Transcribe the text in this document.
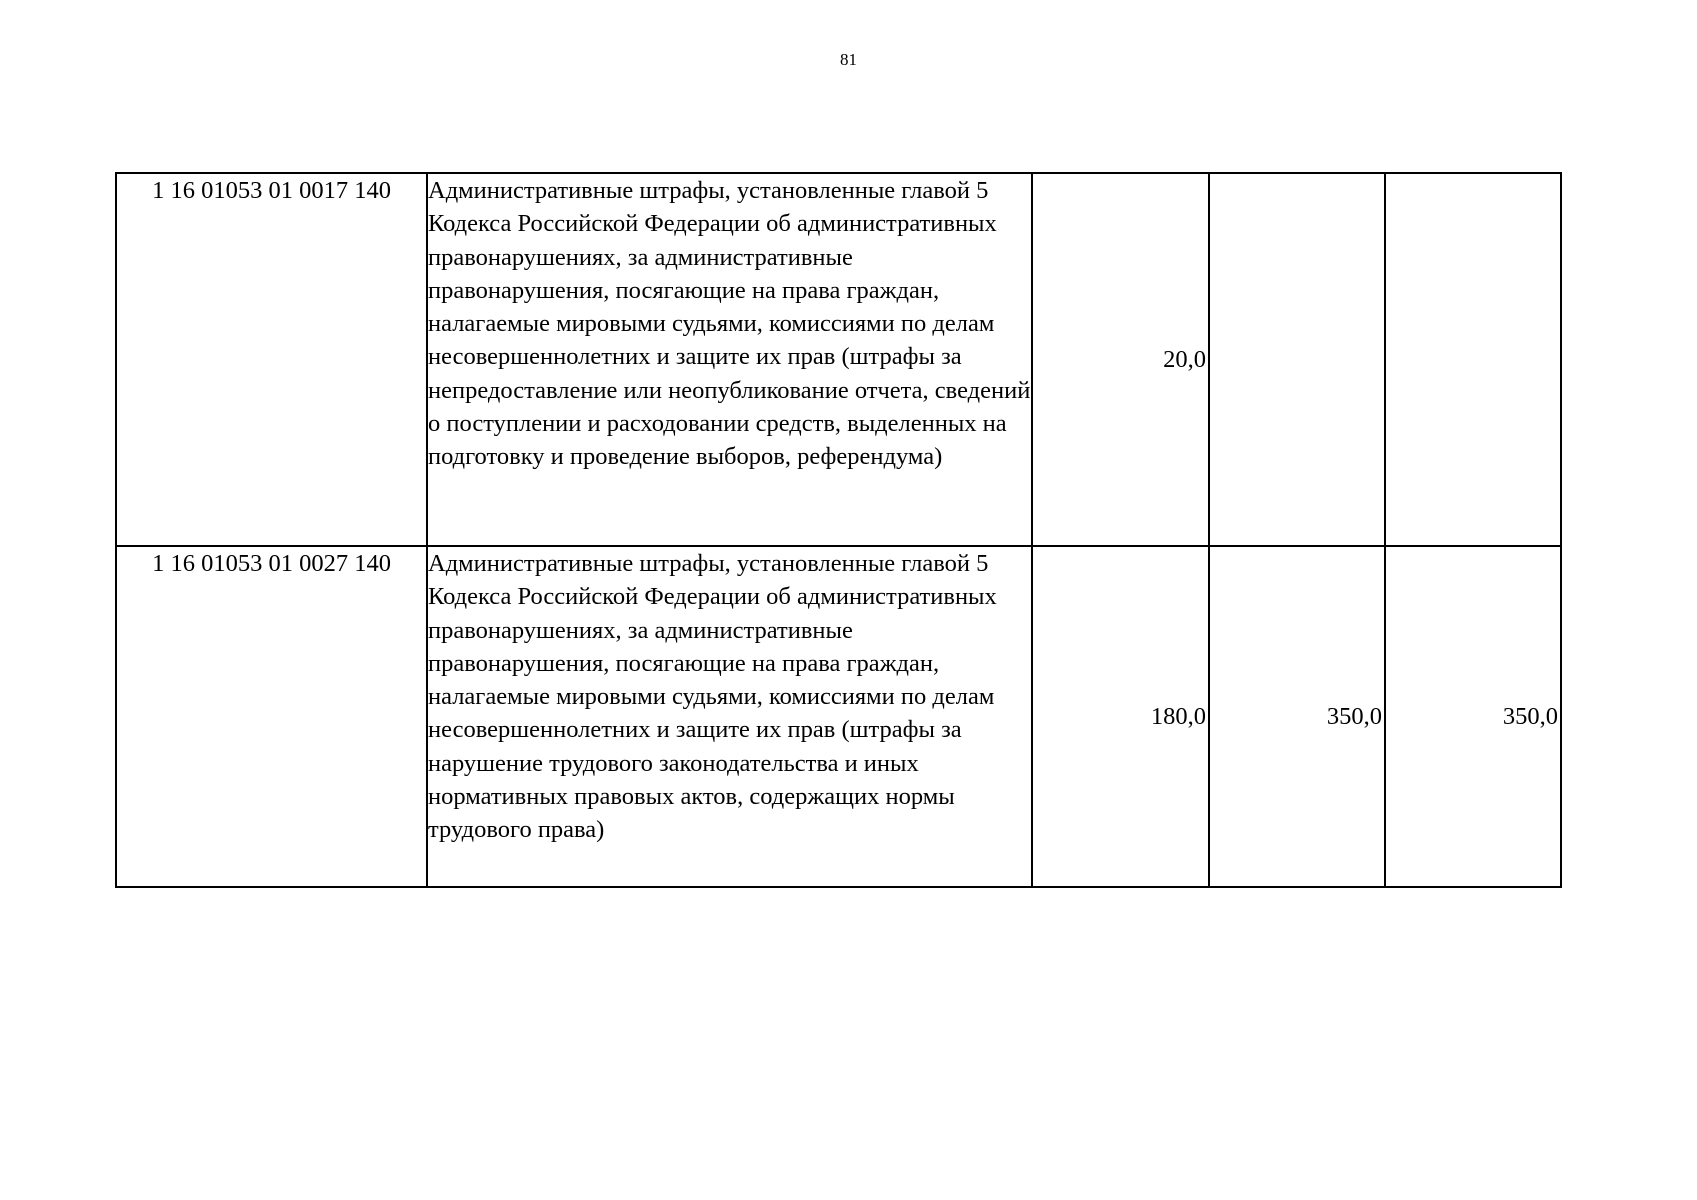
81
1 16 01053 01 0017 140	Административные штрафы, установленные главой 5 Кодекса Российской Федерации об административных правонарушениях, за административные правонарушения, посягающие на права граждан, налагаемые мировыми судьями, комиссиями по делам несовершеннолетних и защите их прав (штрафы за непредоставление или неопубликование отчета, сведений о поступлении и расходовании средств, выделенных на подготовку и проведение выборов, референдума)	20,0		
1 16 01053 01 0027 140	Административные штрафы, установленные главой 5 Кодекса Российской Федерации об административных правонарушениях, за административные правонарушения, посягающие на права граждан, налагаемые мировыми судьями, комиссиями по делам несовершеннолетних и защите их прав (штрафы за нарушение трудового законодательства и иных нормативных правовых актов, содержащих нормы трудового права)	180,0	350,0	350,0
